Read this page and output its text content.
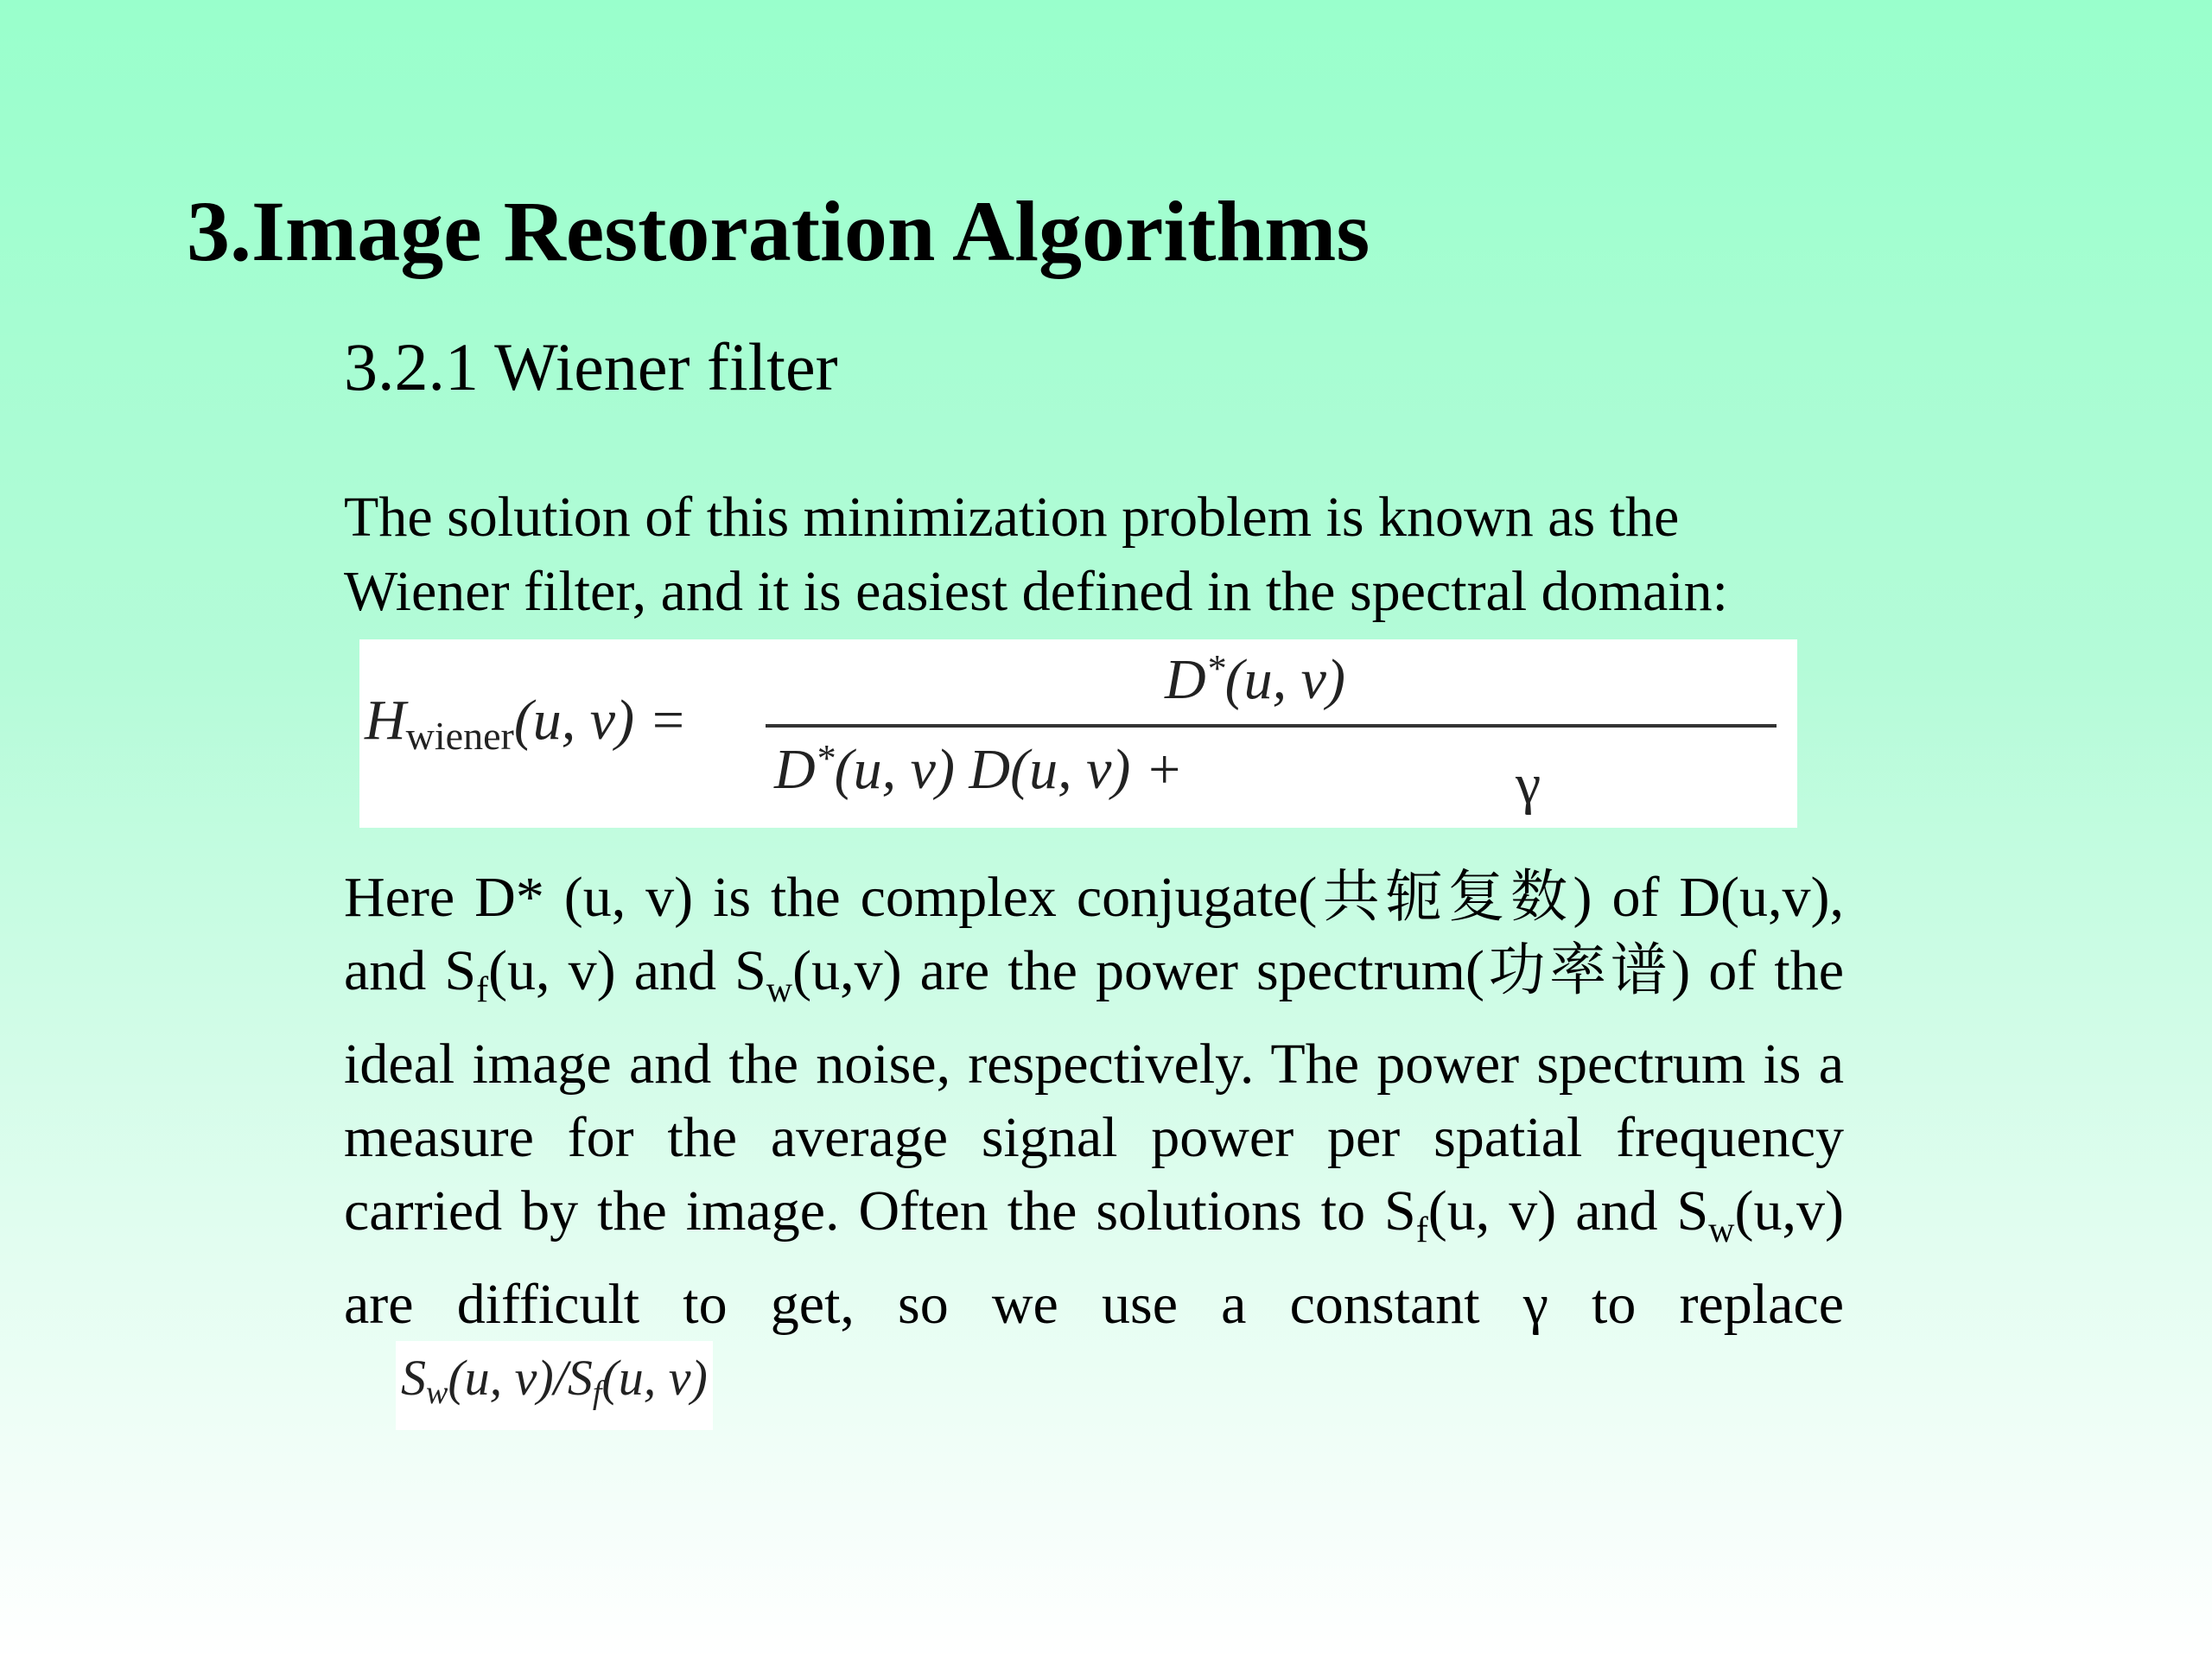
3.Image Restoration Algorithms
3.2.1 Wiener filter

The solution of this minimization problem is known as the Wiener filter, and it is easiest defined in the spectral domain:

$H_{wiener}(u$, v) =
D*(u, v)
D*(u, v) D(u, v) +	γ

Here D* (u, v) is the complex conjugate(共轭复数) of D(u,v), and $S_f(u$, v) and $S_w(u,v)$ are the power spectrum(功率谱) of the ideal image and the noise, respectively. The power spectrum is a measure for the average signal power per spatial frequency carried by the image. Often the solutions to $S_f(u$, v) and $S_w(u,v)$ are difficult to get, so we use a constant γ to replaceSw(u, v)/Sf(u, v)
